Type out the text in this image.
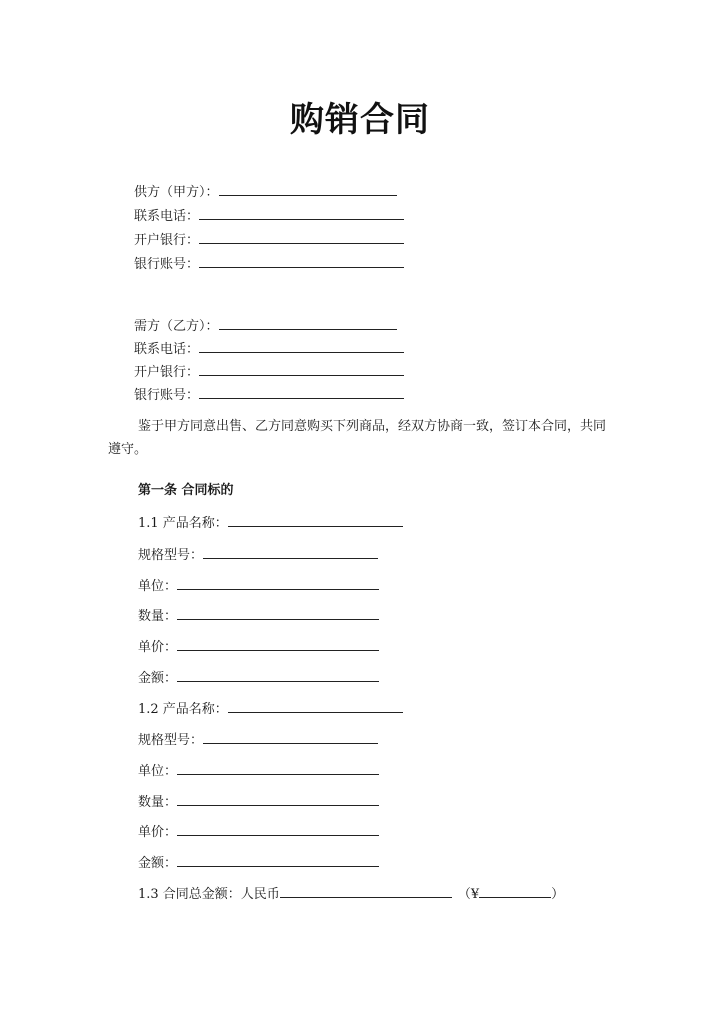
购销合同
供方（甲方）：
联系电话：
开户银行：
银行账号：
需方（乙方）：
联系电话：
开户银行：
银行账号：
鉴于甲方同意出售、乙方同意购买下列商品，经双方协商一致，签订本合同，共同遵守。
第一条 合同标的
1.1 产品名称：
规格型号：
单位：
数量：
单价：
金额：
1.2 产品名称：
规格型号：
单位：
数量：
单价：
金额：
1.3 合同总金额：人民币	（¥	）
